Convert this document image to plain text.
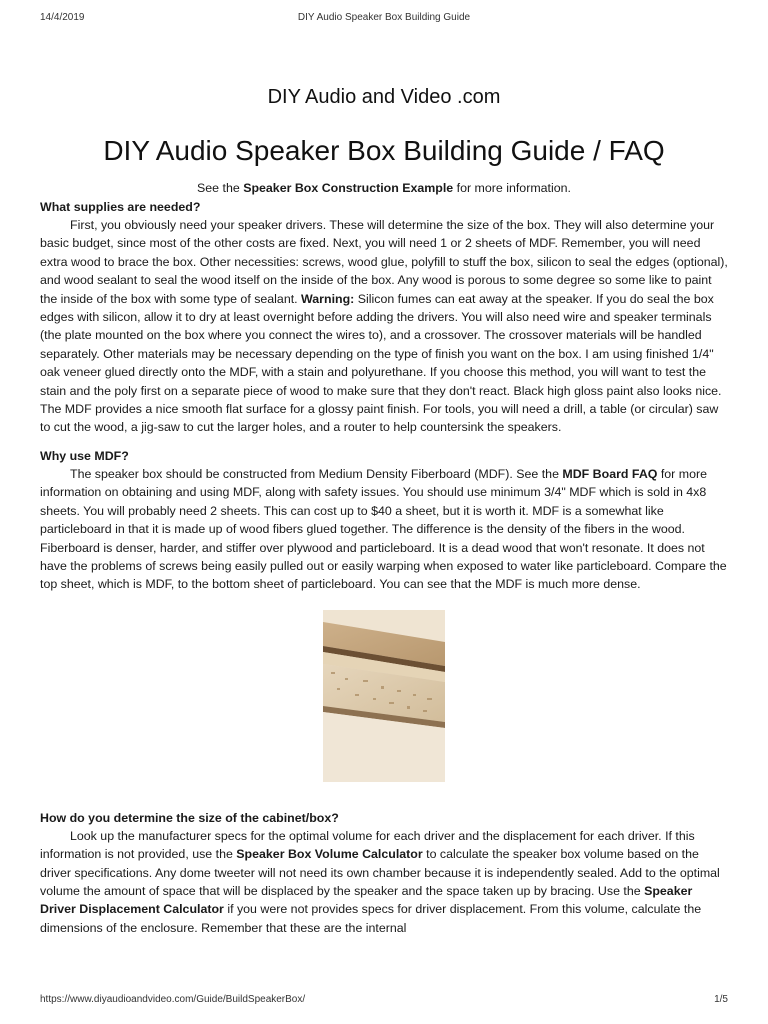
14/4/2019	DIY Audio Speaker Box Building Guide
DIY Audio and Video .com
DIY Audio Speaker Box Building Guide / FAQ
See the Speaker Box Construction Example for more information.
What supplies are needed?

First, you obviously need your speaker drivers. These will determine the size of the box. They will also determine your basic budget, since most of the other costs are fixed. Next, you will need 1 or 2 sheets of MDF. Remember, you will need extra wood to brace the box. Other necessities: screws, wood glue, polyfill to stuff the box, silicon to seal the edges (optional), and wood sealant to seal the wood itself on the inside of the box. Any wood is porous to some degree so some like to paint the inside of the box with some type of sealant. Warning: Silicon fumes can eat away at the speaker. If you do seal the box edges with silicon, allow it to dry at least overnight before adding the drivers. You will also need wire and speaker terminals (the plate mounted on the box where you connect the wires to), and a crossover. The crossover materials will be handled separately. Other materials may be necessary depending on the type of finish you want on the box. I am using finished 1/4" oak veneer glued directly onto the MDF, with a stain and polyurethane. If you choose this method, you will want to test the stain and the poly first on a separate piece of wood to make sure that they don't react. Black high gloss paint also looks nice. The MDF provides a nice smooth flat surface for a glossy paint finish. For tools, you will need a drill, a table (or circular) saw to cut the wood, a jig-saw to cut the larger holes, and a router to help countersink the speakers.

Why use MDF?

The speaker box should be constructed from Medium Density Fiberboard (MDF). See the MDF Board FAQ for more information on obtaining and using MDF, along with safety issues. You should use minimum 3/4" MDF which is sold in 4x8 sheets. You will probably need 2 sheets. This can cost up to $40 a sheet, but it is worth it. MDF is a somewhat like particleboard in that it is made up of wood fibers glued together. The difference is the density of the fibers in the wood. Fiberboard is denser, harder, and stiffer over plywood and particleboard. It is a dead wood that won't resonate. It does not have the problems of screws being easily pulled out or easily warping when exposed to water like particleboard. Compare the top sheet, which is MDF, to the bottom sheet of particleboard. You can see that the MDF is much more dense.

How do you determine the size of the cabinet/box?

Look up the manufacturer specs for the optimal volume for each driver and the displacement for each driver. If this information is not provided, use the Speaker Box Volume Calculator to calculate the speaker box volume based on the driver specifications. Any dome tweeter will not need its own chamber because it is independently sealed. Add to the optimal volume the amount of space that will be displaced by the speaker and the space taken up by bracing. Use the Speaker Driver Displacement Calculator if you were not provides specs for driver displacement. From this volume, calculate the dimensions of the enclosure. Remember that these are the internal

https://www.diyaudioandvideo.com/Guide/BuildSpeakerBox/	1/5
